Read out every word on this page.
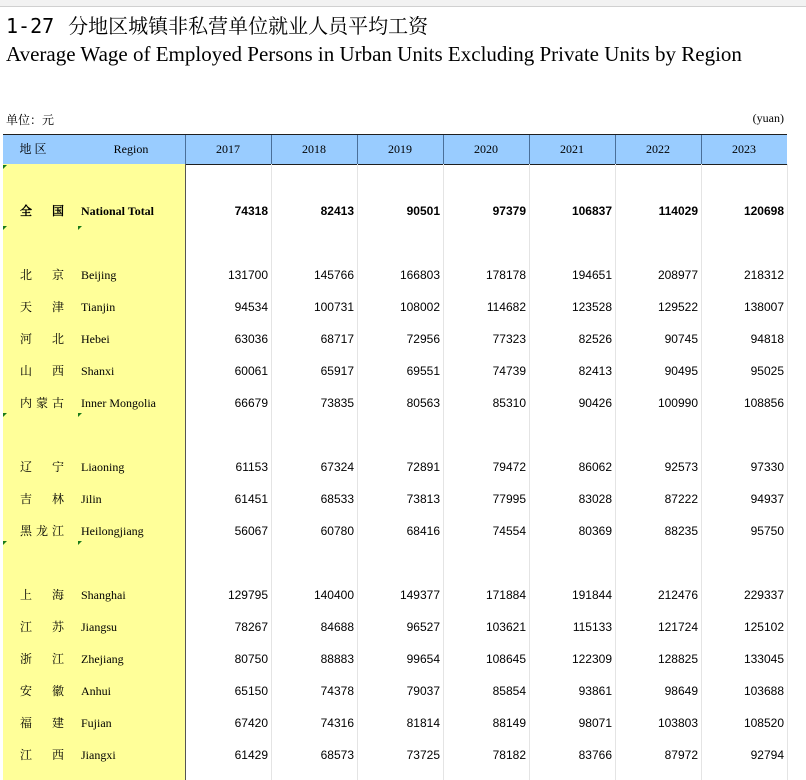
1-27 分地区城镇非私营单位就业人员平均工资
Average Wage of Employed Persons in Urban Units Excluding Private Units by Region
单位：元	(yuan)
地 区	Region	2017	2018	2019	2020	2021	2022	2023
全 国 National Total	74318	82413	90501	97379	106837	114029	120698
北 京 Beijing	131700	145766	166803	178178	194651	208977	218312
天 津 Tianjin	94534	100731	108002	114682	123528	129522	138007
河 北 Hebei	63036	68717	72956	77323	82526	90745	94818
山 西 Shanxi	60061	65917	69551	74739	82413	90495	95025
内蒙古 Inner Mongolia	66679	73835	80563	85310	90426	100990	108856
辽 宁 Liaoning	61153	67324	72891	79472	86062	92573	97330
吉 林 Jilin	61451	68533	73813	77995	83028	87222	94937
黑龙江 Heilongjiang	56067	60780	68416	74554	80369	88235	95750
上 海 Shanghai	129795	140400	149377	171884	191844	212476	229337
江 苏 Jiangsu	78267	84688	96527	103621	115133	121724	125102
浙 江 Zhejiang	80750	88883	99654	108645	122309	128825	133045
安 徽 Anhui	65150	74378	79037	85854	93861	98649	103688
福 建 Fujian	67420	74316	81814	88149	98071	103803	108520
江 西 Jiangxi	61429	68573	73725	78182	83766	87972	92794
